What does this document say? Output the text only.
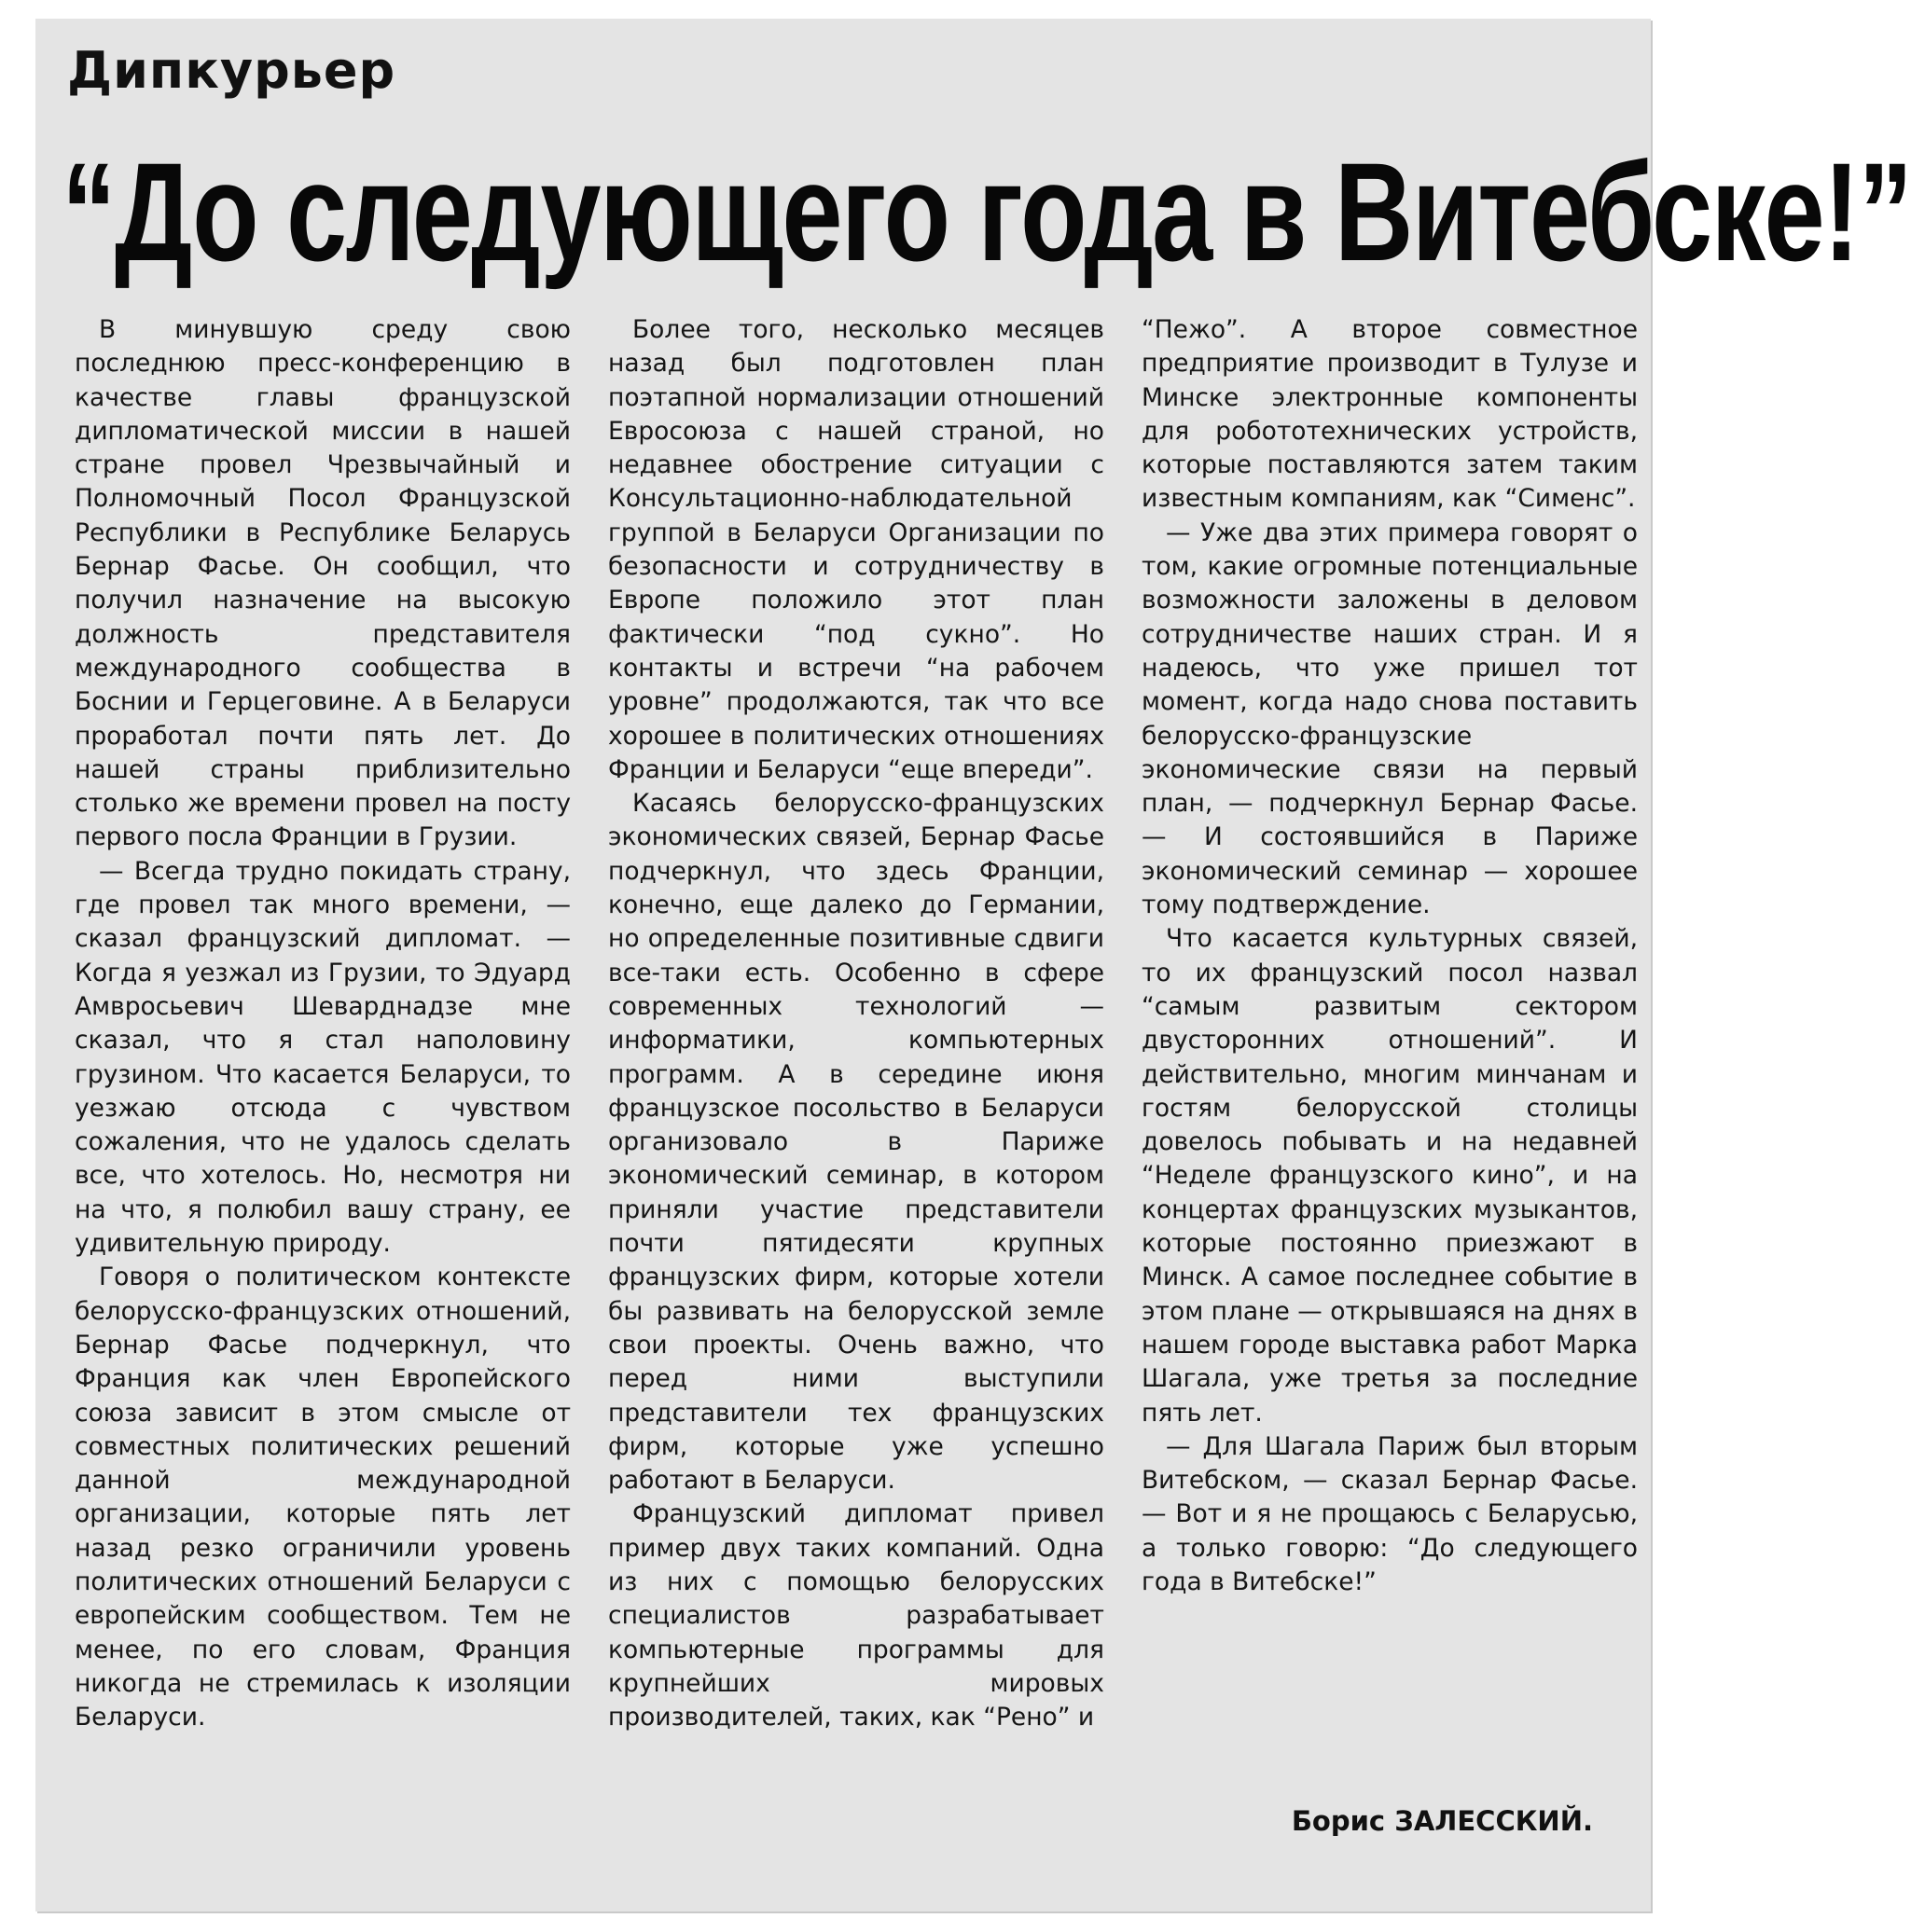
Дипкурьер
“До следующего года в Витебске!”

В минувшую среду свою последнюю пресс-конференцию в качестве главы французской дипломатической миссии в нашей стране провел Чрезвычайный и Полномочный Посол Французской Республики в Республике Беларусь Бернар Фасье. Он сообщил, что получил назначение на высокую должность представителя международного сообщества в Боснии и Герцеговине. А в Беларуси проработал почти пять лет. До нашей страны приблизительно столько же времени провел на посту первого посла Франции в Грузии.

— Всегда трудно покидать страну, где провел так много времени, — сказал французский дипломат. — Когда я уезжал из Грузии, то Эдуард Амвросьевич Шеварднадзе мне сказал, что я стал наполовину грузином. Что касается Беларуси, то уезжаю отсюда с чувством сожаления, что не удалось сделать все, что хотелось. Но, несмотря ни на что, я полюбил вашу страну, ее удивительную природу.

Говоря о политическом контексте белорусско-французских отношений, Бернар Фасье подчеркнул, что Франция как член Европейского союза зависит в этом смысле от совместных политических решений данной международной организации, которые пять лет назад резко ограничили уровень политических отношений Беларуси с европейским сообществом. Тем не менее, по его словам, Франция никогда не стремилась к изоляции Беларуси.

Более того, несколько месяцев назад был подготовлен план поэтапной нормализации отношений Евросоюза с нашей страной, но недавнее обострение ситуации с Консультационно-наблюдательной группой в Беларуси Организации по безопасности и сотрудничеству в Европе положило этот план фактически “под сукно”. Но контакты и встречи “на рабочем уровне” продолжаются, так что все хорошее в политических отношениях Франции и Беларуси “еще впереди”.

Касаясь белорусско-французских экономических связей, Бернар Фасье подчеркнул, что здесь Франции, конечно, еще далеко до Германии, но определенные позитивные сдвиги все-таки есть. Особенно в сфере современных технологий — информатики, компьютерных программ. А в середине июня французское посольство в Беларуси организовало в Париже экономический семинар, в котором приняли участие представители почти пятидесяти крупных французских фирм, которые хотели бы развивать на белорусской земле свои проекты. Очень важно, что перед ними выступили представители тех французских фирм, которые уже успешно работают в Беларуси.

Французский дипломат привел пример двух таких компаний. Одна из них с помощью белорусских специалистов разрабатывает компьютерные программы для крупнейших мировых производителей, таких, как “Рено” и

“Пежо”. А второе совместное предприятие производит в Тулузе и Минске электронные компоненты для робототехнических устройств, которые поставляются затем таким известным компаниям, как “Сименс”.

— Уже два этих примера говорят о том, какие огромные потенциальные возможности заложены в деловом сотрудничестве наших стран. И я надеюсь, что уже пришел тот момент, когда надо снова поставить белорусско-французские экономические связи на первый план, — подчеркнул Бернар Фасье. — И состоявшийся в Париже экономический семинар — хорошее тому подтверждение.

Что касается культурных связей, то их французский посол назвал “самым развитым сектором двусторонних отношений”. И действительно, многим минчанам и гостям белорусской столицы довелось побывать и на недавней “Неделе французского кино”, и на концертах французских музыкантов, которые постоянно приезжают в Минск. А самое последнее событие в этом плане — открывшаяся на днях в нашем городе выставка работ Марка Шагала, уже третья за последние пять лет.

— Для Шагала Париж был вторым Витебском, — сказал Бернар Фасье. — Вот и я не прощаюсь с Беларусью, а только говорю: “До следующего года в Витебске!”

Борис ЗАЛЕССКИЙ.
